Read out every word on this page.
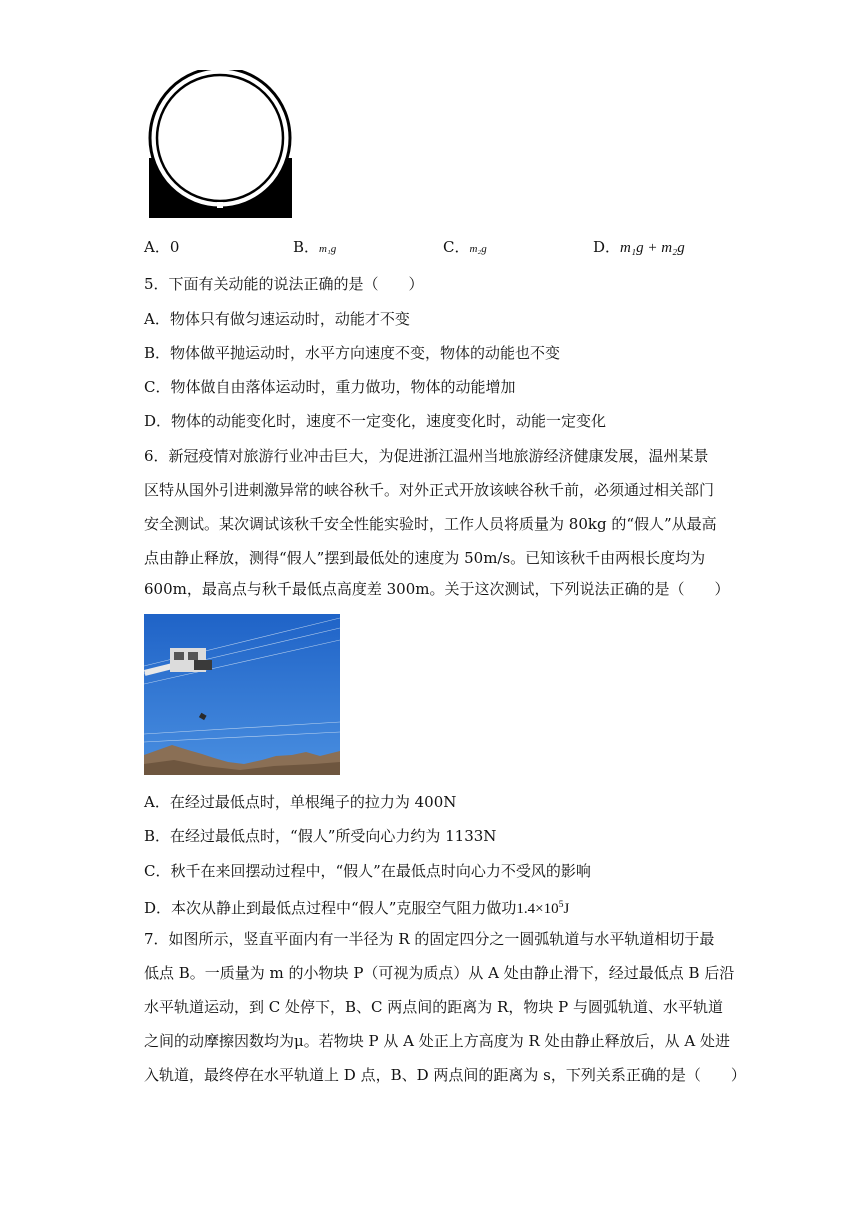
A．0	B．m₁g	C．m₂g	D．m₁g + m₂g
5．下面有关动能的说法正确的是（　　）
A．物体只有做匀速运动时，动能才不变
B．物体做平抛运动时，水平方向速度不变，物体的动能也不变
C．物体做自由落体运动时，重力做功，物体的动能增加
D．物体的动能变化时，速度不一定变化，速度变化时，动能一定变化
6．新冠疫情对旅游行业冲击巨大，为促进浙江温州当地旅游经济健康发展，温州某景
区特从国外引进刺激异常的峡谷秋千。对外正式开放该峡谷秋千前，必须通过相关部门
安全测试。某次调试该秋千安全性能实验时，工作人员将质量为 80kg 的“假人”从最高
点由静止释放，测得“假人”摆到最低处的速度为 50m/s。已知该秋千由两根长度均为
600m，最高点与秋千最低点高度差 300m。关于这次测试，下列说法正确的是（　　）
A．在经过最低点时，单根绳子的拉力为 400N
B．在经过最低点时，“假人”所受向心力约为 1133N
C．秋千在来回摆动过程中，“假人”在最低点时向心力不受风的影响
D．本次从静止到最低点过程中“假人”克服空气阻力做功$1.4\times 10^5J$
7．如图所示，竖直平面内有一半径为 R 的固定四分之一圆弧轨道与水平轨道相切于最
低点 B。一质量为 m 的小物块 P（可视为质点）从 A 处由静止滑下，经过最低点 B 后沿
水平轨道运动，到 C 处停下，B、C 两点间的距离为 R，物块 P 与圆弧轨道、水平轨道
之间的动摩擦因数均为μ。若物块 P 从 A 处正上方高度为 R 处由静止释放后，从 A 处进
入轨道，最终停在水平轨道上 D 点，B、D 两点间的距离为 s，下列关系正确的是（　　）
